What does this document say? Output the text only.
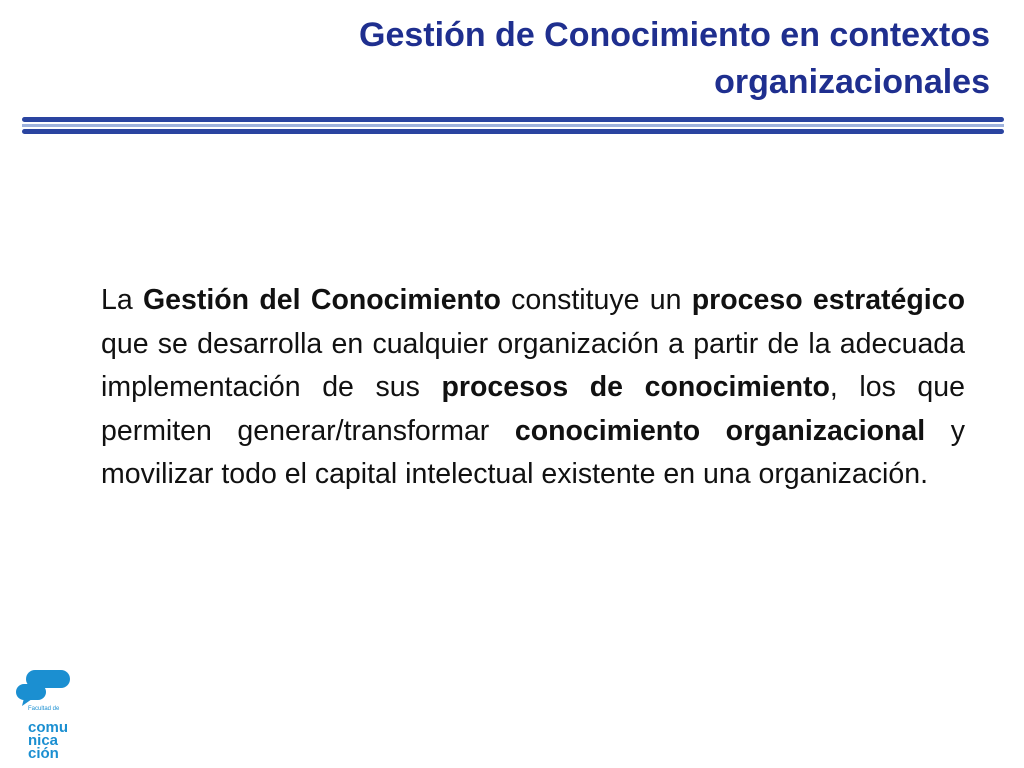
Gestión de Conocimiento en contextos
organizacionales

La Gestión del Conocimiento constituye un proceso estratégico que se desarrolla en cualquier organización a partir de la adecuada implementación de sus procesos de conocimiento, los que permiten generar/transformar conocimiento organizacional y movilizar todo el capital intelectual existente en una organización.

Facultad de
comu
nica
ción
